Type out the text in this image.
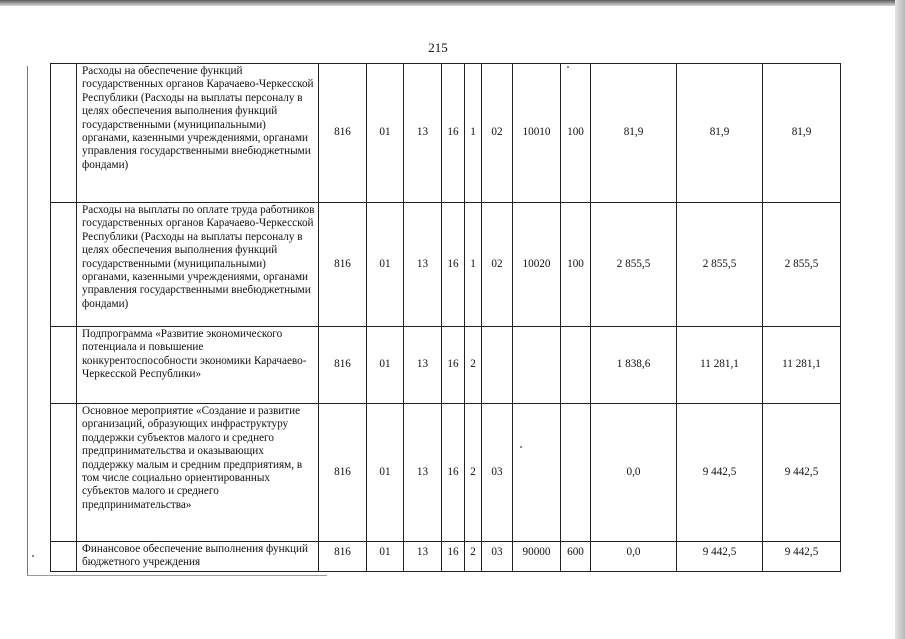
215
	Расходы на обеспечение функций государственных органов Карачаево-Черкесской Республики (Расходы на выплаты персоналу в целях обеспечения выполнения функций государственными (муниципальными) органами, казенными учреждениями, органами управления государственными внебюджетными фондами)	816	01	13	16	1	02	10010	100	81,9	81,9	81,9
	Расходы на выплаты по оплате труда работников государственных органов Карачаево-Черкесской Республики (Расходы на выплаты персоналу в целях обеспечения выполнения функций государственными (муниципальными) органами, казенными учреждениями, органами управления государственными внебюджетными фондами)	816	01	13	16	1	02	10020	100	2 855,5	2 855,5	2 855,5
	Подпрограмма «Развитие экономического потенциала и повышение конкурентоспособности экономики Карачаево-Черкесской Республики»	816	01	13	16	2				1 838,6	11 281,1	11 281,1
	Основное мероприятие «Создание и развитие организаций, образующих инфраструктуру поддержки субъектов малого и среднего предпринимательства и оказывающих поддержку малым и средним предприятиям, в том числе социально ориентированных субъектов малого и среднего предпринимательства»	816	01	13	16	2	03			0,0	9 442,5	9 442,5
	Финансовое обеспечение выполнения функций бюджетного учреждения	816	01	13	16	2	03	90000	600	0,0	9 442,5	9 442,5
